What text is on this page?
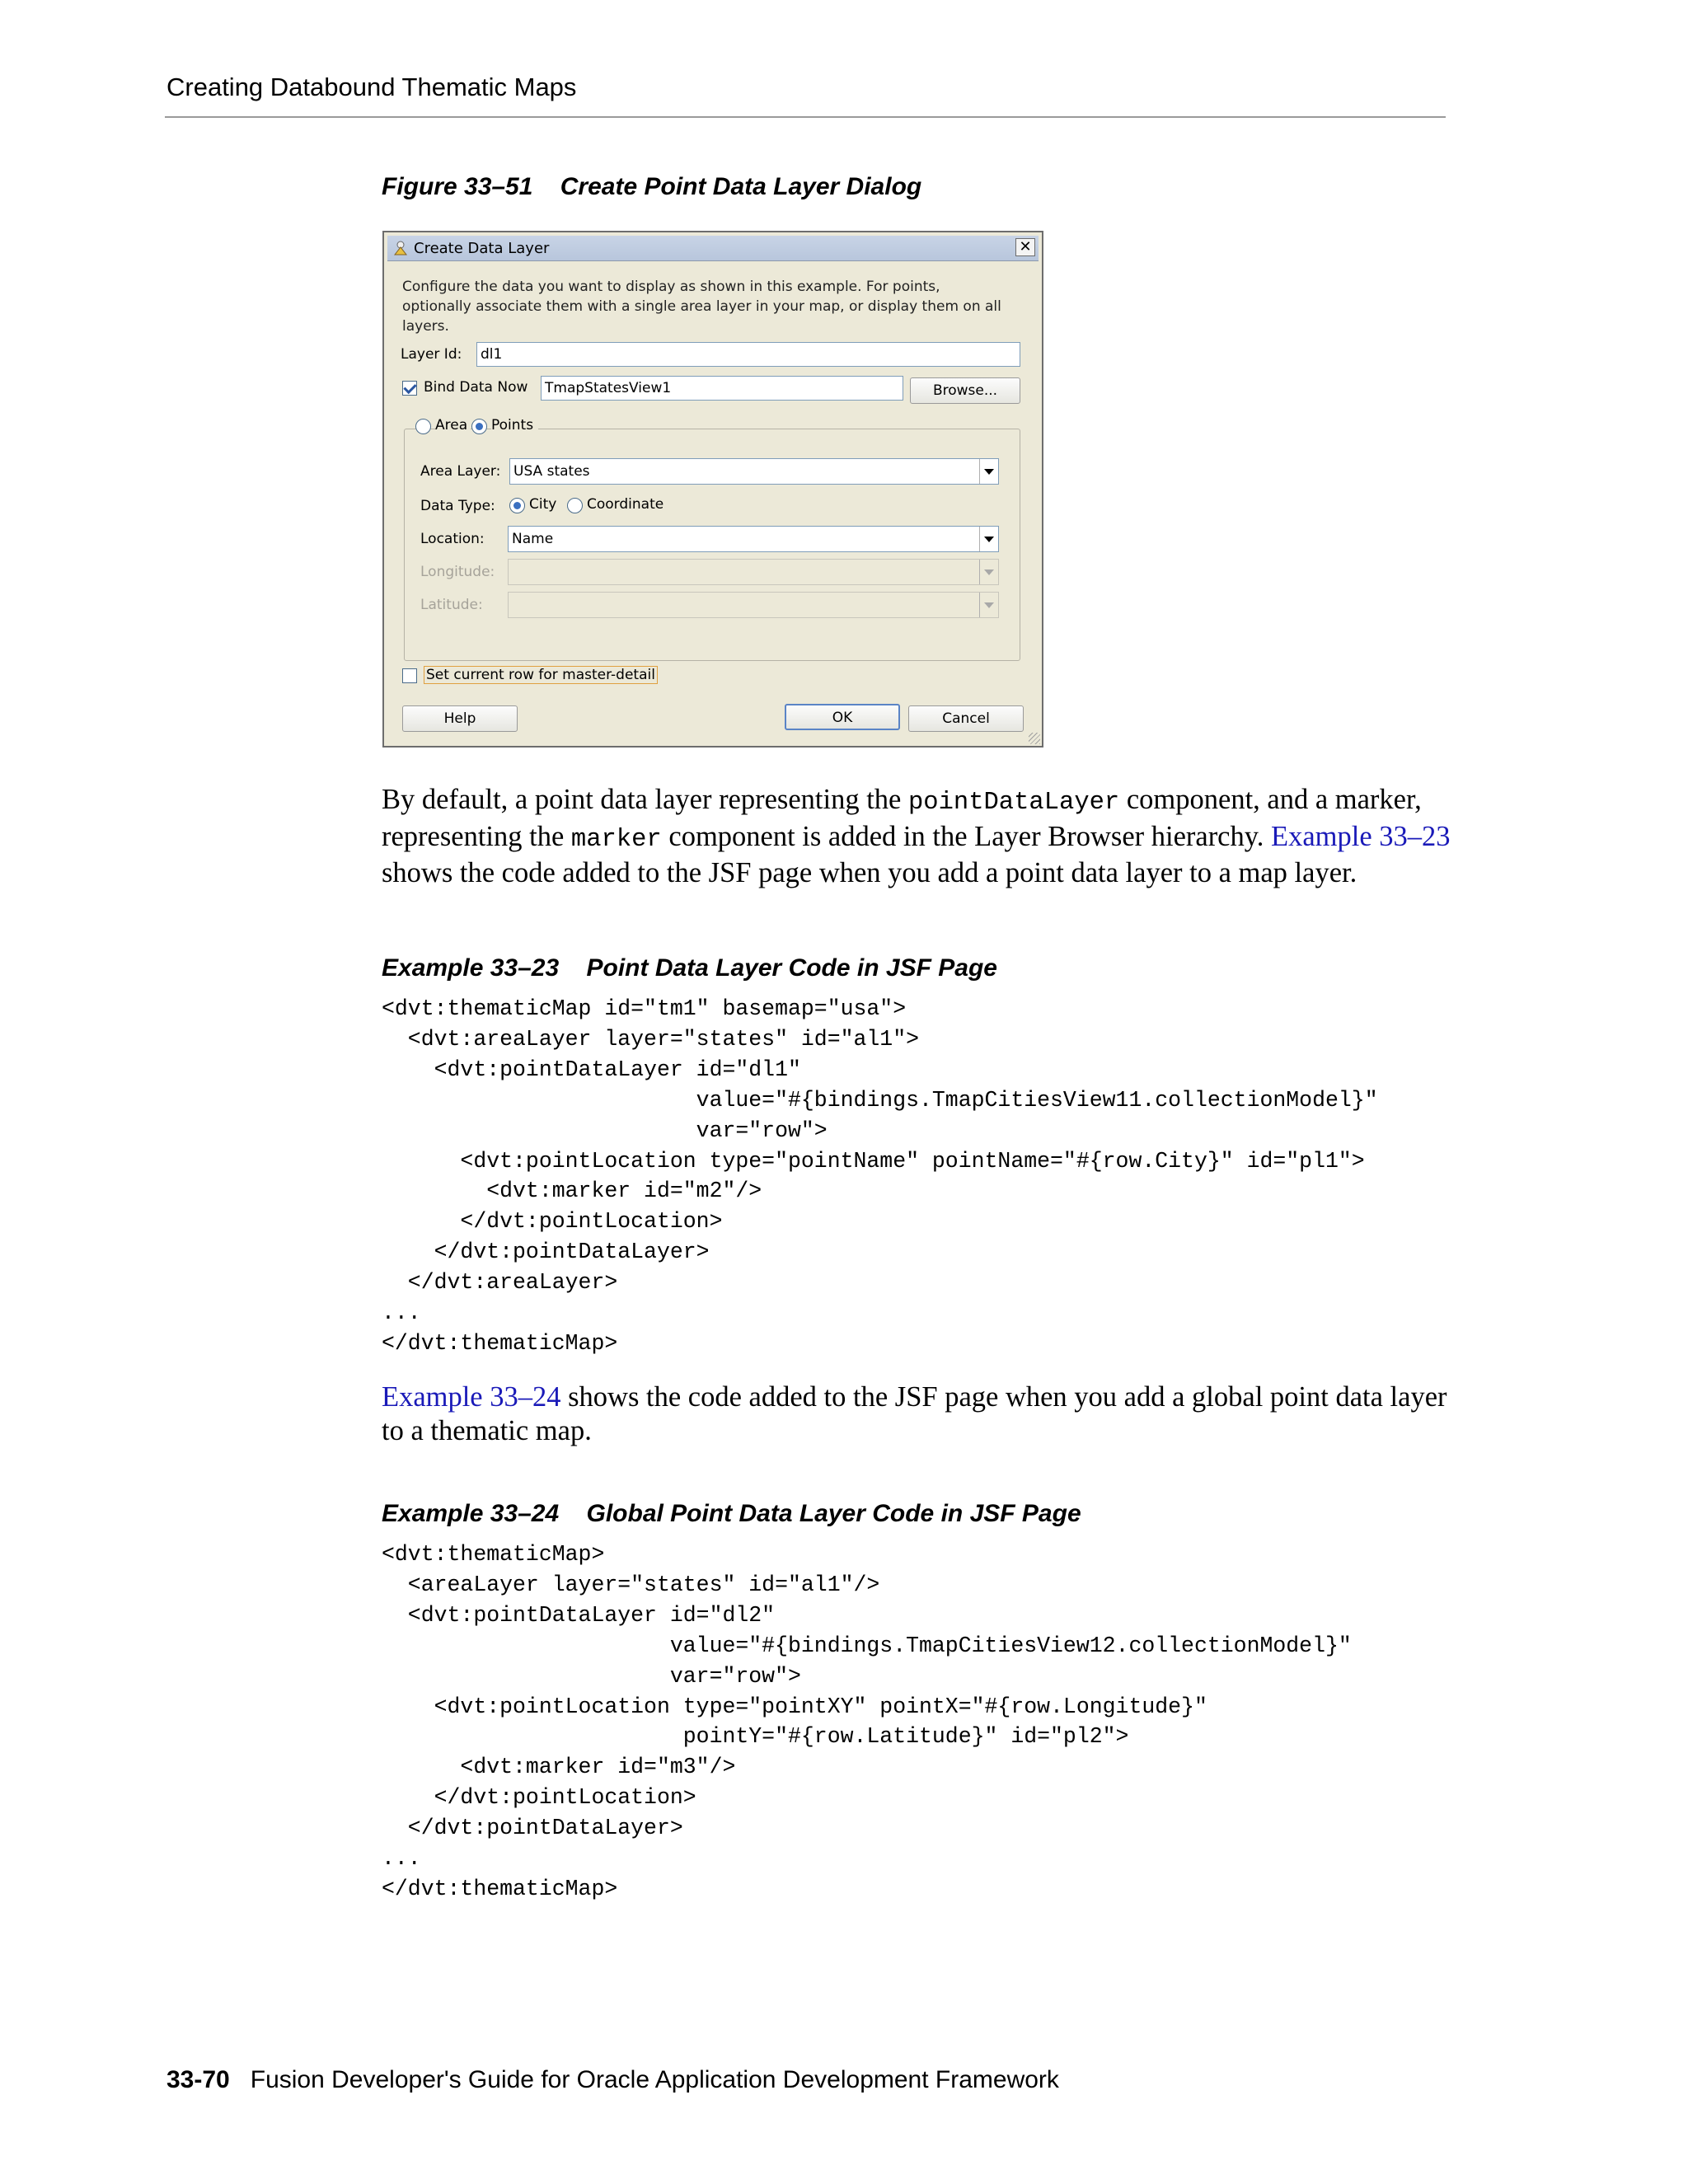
Creating Databound Thematic Maps
Figure 33–51    Create Point Data Layer Dialog
Create Data Layer	✕
Configure the data you want to display as shown in this example. For points, optionally associate them with a single area layer in your map, or display them on all layers.
Layer Id: dl1
Bind Data Now TmapStatesView1	Browse...
Area Points
Area Layer: USA states
Data Type: City Coordinate
Location: Name
Longitude:
Latitude:
Set current row for master-detail
Help	OK	Cancel
By default, a point data layer representing the pointDataLayer component, and a marker, representing the marker component is added in the Layer Browser hierarchy. Example 33–23 shows the code added to the JSF page when you add a point data layer to a map layer.
Example 33–23    Point Data Layer Code in JSF Page
<dvt:thematicMap id="tm1" basemap="usa">
<dvt:areaLayer layer="states" id="al1">
<dvt:pointDataLayer id="dl1"
value="#{bindings.TmapCitiesView11.collectionModel}"
var="row">
<dvt:pointLocation type="pointName" pointName="#{row.City}" id="pl1">
<dvt:marker id="m2"/>
</dvt:pointLocation>
</dvt:pointDataLayer>
</dvt:areaLayer>
...
</dvt:thematicMap>
Example 33–24 shows the code added to the JSF page when you add a global point data layer to a thematic map.
Example 33–24    Global Point Data Layer Code in JSF Page
<dvt:thematicMap>
<areaLayer layer="states" id="al1"/>
<dvt:pointDataLayer id="dl2"
value="#{bindings.TmapCitiesView12.collectionModel}"
var="row">
<dvt:pointLocation type="pointXY" pointX="#{row.Longitude}"
pointY="#{row.Latitude}" id="pl2">
<dvt:marker id="m3"/>
</dvt:pointLocation>
</dvt:pointDataLayer>
...
</dvt:thematicMap>
33-70 Fusion Developer's Guide for Oracle Application Development Framework
